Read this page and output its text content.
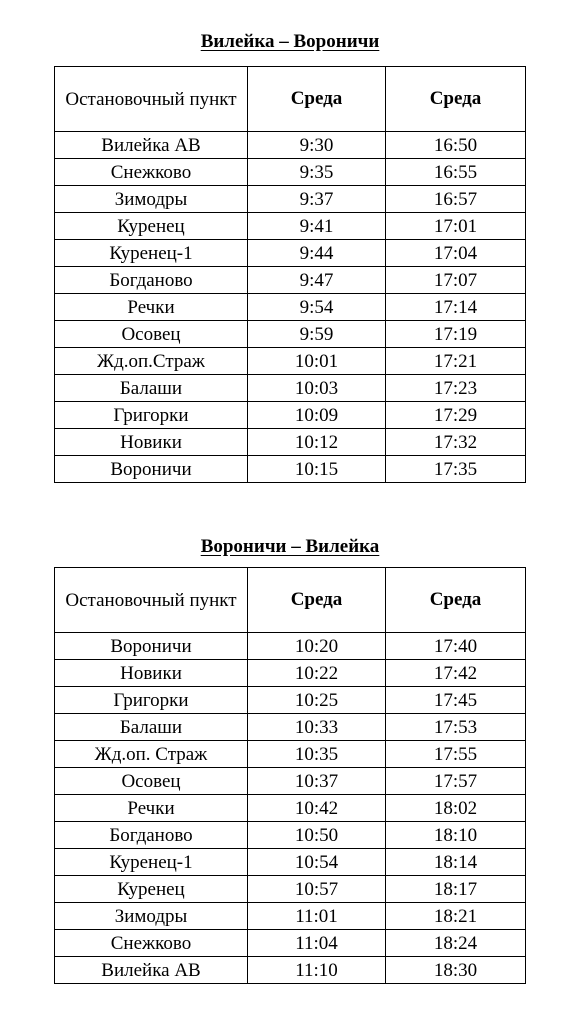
Вилейка – Вороничи
Остановочный пункт	Среда	Среда
Вилейка АВ	9:30	16:50
Снежково	9:35	16:55
Зимодры	9:37	16:57
Куренец	9:41	17:01
Куренец-1	9:44	17:04
Богданово	9:47	17:07
Речки	9:54	17:14
Осовец	9:59	17:19
Жд.оп.Страж	10:01	17:21
Балаши	10:03	17:23
Григорки	10:09	17:29
Новики	10:12	17:32
Вороничи	10:15	17:35
Вороничи – Вилейка
Остановочный пункт	Среда	Среда
Вороничи	10:20	17:40
Новики	10:22	17:42
Григорки	10:25	17:45
Балаши	10:33	17:53
Жд.оп. Страж	10:35	17:55
Осовец	10:37	17:57
Речки	10:42	18:02
Богданово	10:50	18:10
Куренец-1	10:54	18:14
Куренец	10:57	18:17
Зимодры	11:01	18:21
Снежково	11:04	18:24
Вилейка АВ	11:10	18:30
